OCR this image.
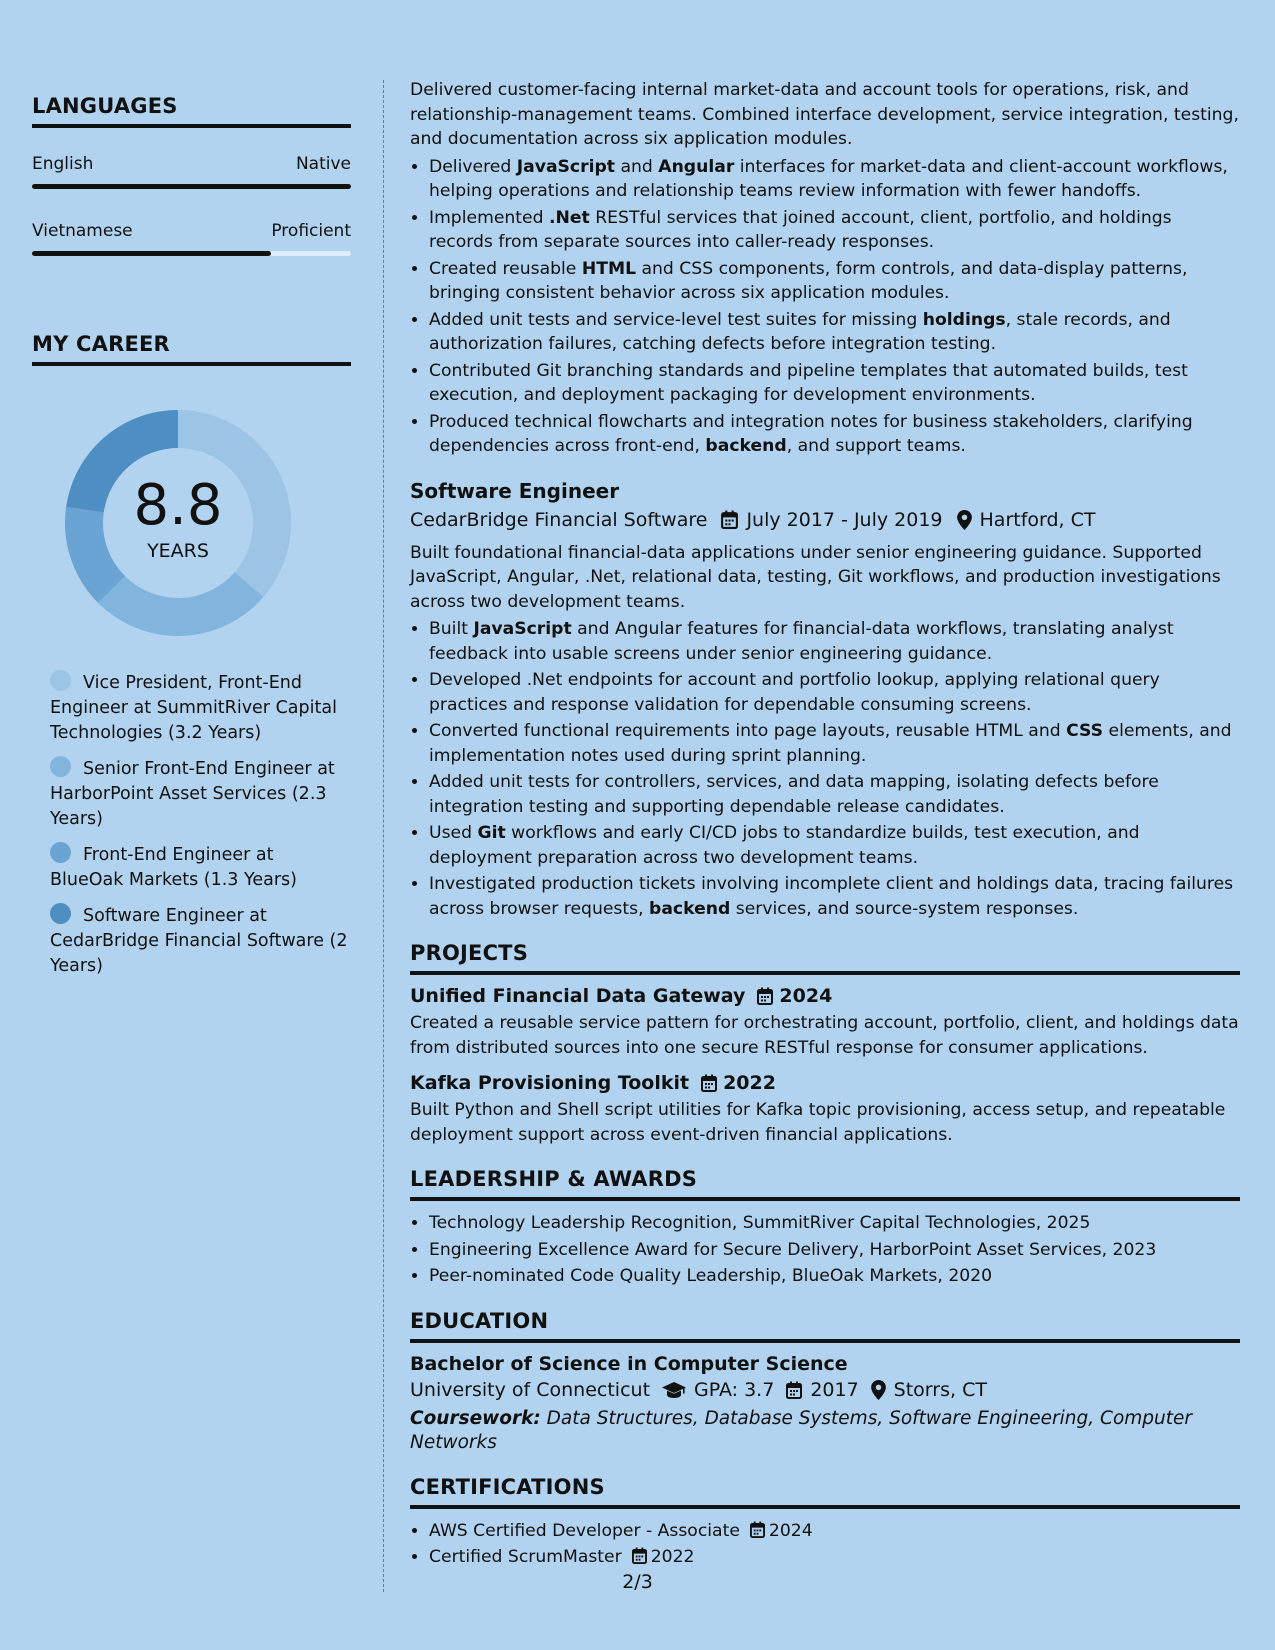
LANGUAGES
English	Native
Vietnamese	Proficient
MY CAREER
8.8
YEARS
Vice President, Front-End Engineer at SummitRiver Capital Technologies (3.2 Years)
Senior Front-End Engineer at HarborPoint Asset Services (2.3 Years)
Front-End Engineer at BlueOak Markets (1.3 Years)
Software Engineer at CedarBridge Financial Software (2 Years)

Delivered customer-facing internal market-data and account tools for operations, risk, and relationship-management teams. Combined interface development, service integration, testing, and documentation across six application modules.

• Delivered JavaScript and Angular interfaces for market-data and client-account workflows, helping operations and relationship teams review information with fewer handoffs.
• Implemented .Net RESTful services that joined account, client, portfolio, and holdings records from separate sources into caller-ready responses.
• Created reusable HTML and CSS components, form controls, and data-display patterns, bringing consistent behavior across six application modules.
• Added unit tests and service-level test suites for missing holdings, stale records, and authorization failures, catching defects before integration testing.
• Contributed Git branching standards and pipeline templates that automated builds, test execution, and deployment packaging for development environments.
• Produced technical flowcharts and integration notes for business stakeholders, clarifying dependencies across front-end, backend, and support teams.
Software Engineer
CedarBridge Financial Software July 2017 - July 2019 Hartford, CT

Built foundational financial-data applications under senior engineering guidance. Supported JavaScript, Angular, .Net, relational data, testing, Git workflows, and production investigations across two development teams.

• Built JavaScript and Angular features for financial-data workflows, translating analyst feedback into usable screens under senior engineering guidance.
• Developed .Net endpoints for account and portfolio lookup, applying relational query practices and response validation for dependable consuming screens.
• Converted functional requirements into page layouts, reusable HTML and CSS elements, and implementation notes used during sprint planning.
• Added unit tests for controllers, services, and data mapping, isolating defects before integration testing and supporting dependable release candidates.
• Used Git workflows and early CI/CD jobs to standardize builds, test execution, and deployment preparation across two development teams.
• Investigated production tickets involving incomplete client and holdings data, tracing failures across browser requests, backend services, and source-system responses.
PROJECTS
Unified Financial Data Gateway 2024

Created a reusable service pattern for orchestrating account, portfolio, client, and holdings data from distributed sources into one secure RESTful response for consumer applications.

Kafka Provisioning Toolkit 2022

Built Python and Shell script utilities for Kafka topic provisioning, access setup, and repeatable deployment support across event-driven financial applications.

LEADERSHIP & AWARDS
• Technology Leadership Recognition, SummitRiver Capital Technologies, 2025
• Engineering Excellence Award for Secure Delivery, HarborPoint Asset Services, 2023
• Peer-nominated Code Quality Leadership, BlueOak Markets, 2020
EDUCATION
Bachelor of Science in Computer Science
University of Connecticut GPA: 3.7 2017 Storrs, CT
Coursework: Data Structures, Database Systems, Software Engineering, Computer Networks
CERTIFICATIONS
• AWS Certified Developer - Associate 2024
• Certified ScrumMaster 2022
2/3
